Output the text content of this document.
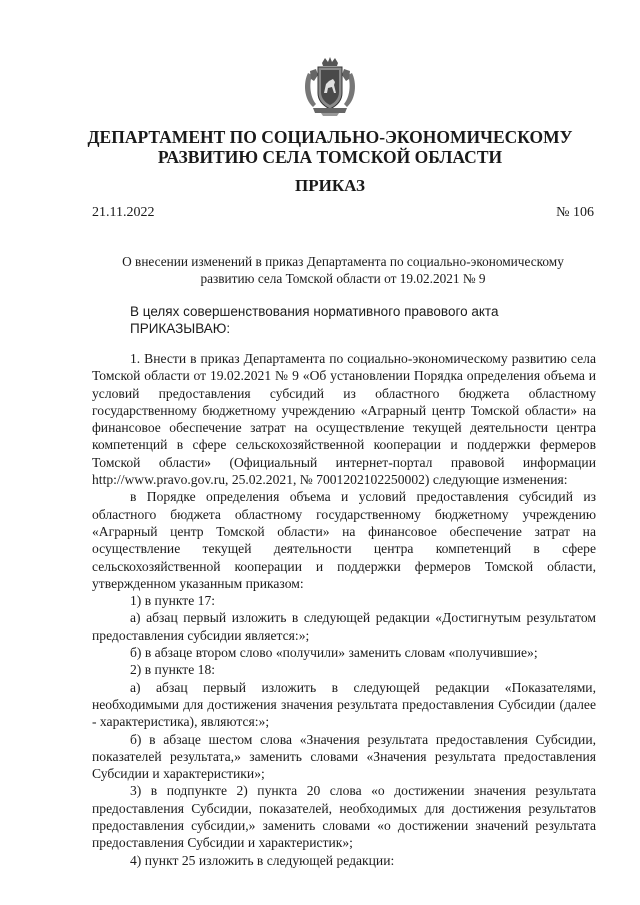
ДЕПАРТАМЕНТ ПО СОЦИАЛЬНО-ЭКОНОМИЧЕСКОМУ
РАЗВИТИЮ СЕЛА ТОМСКОЙ ОБЛАСТИ
ПРИКАЗ
21.11.2022	№ 106

О внесении изменений в приказ Департамента по социально-экономическому
развитию села Томской области от 19.02.2021 № 9

В целях совершенствования нормативного правового акта
ПРИКАЗЫВАЮ:

1. Внести в приказ Департамента по социально-экономическому развитию села Томской области от 19.02.2021 № 9 «Об установлении Порядка определения объема и условий предоставления субсидий из областного бюджета областному государственному бюджетному учреждению «Аграрный центр Томской области» на финансовое обеспечение затрат на осуществление текущей деятельности центра компетенций в сфере сельскохозяйственной кооперации и поддержки фермеров Томской области» (Официальный интернет-портал правовой информации http://www.pravo.gov.ru, 25.02.2021, № 7001202102250002) следующие изменения:

в Порядке определения объема и условий предоставления субсидий из областного бюджета областному государственному бюджетному учреждению «Аграрный центр Томской области» на финансовое обеспечение затрат на осуществление текущей деятельности центра компетенций в сфере сельскохозяйственной кооперации и поддержки фермеров Томской области, утвержденном указанным приказом:

1) в пункте 17:

а) абзац первый изложить в следующей редакции «Достигнутым результатом предоставления субсидии является:»;

б) в абзаце втором слово «получили» заменить словам «получившие»;

2) в пункте 18:

а) абзац первый изложить в следующей редакции «Показателями, необходимыми для достижения значения результата предоставления Субсидии (далее - характеристика), являются:»;

б) в абзаце шестом слова «Значения результата предоставления Субсидии, показателей результата,» заменить словами «Значения результата предоставления Субсидии и характеристики»;

3) в подпункте 2) пункта 20 слова «о достижении значения результата предоставления Субсидии, показателей, необходимых для достижения результатов предоставления субсидии,» заменить словами «о достижении значений результата предоставления Субсидии и характеристик»;

4) пункт 25 изложить в следующей редакции:
